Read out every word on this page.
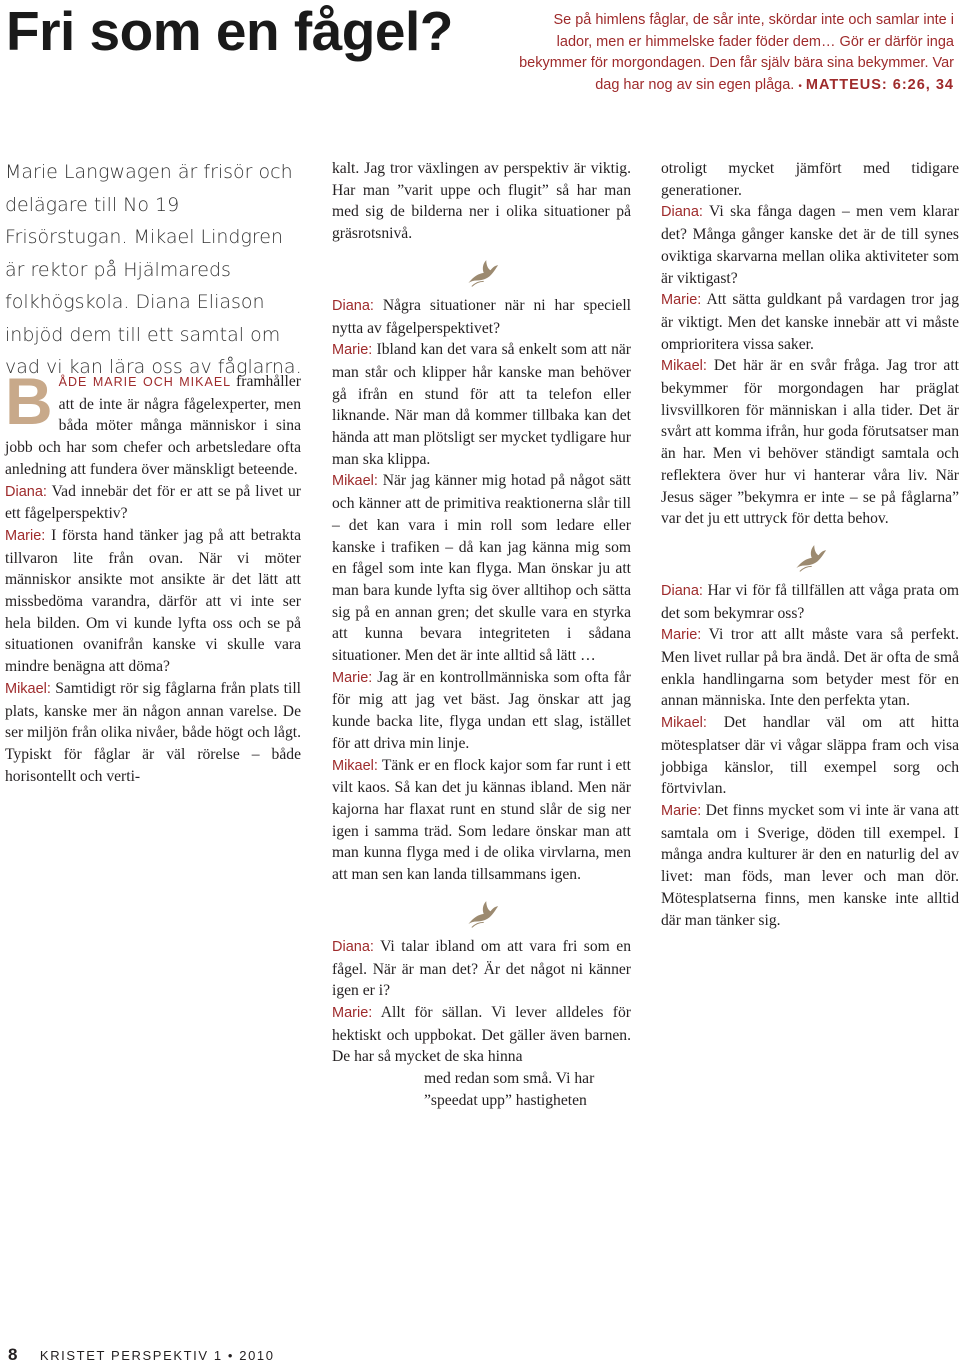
Fri som en fågel?	Se på himlens fåglar, de sår inte, skördar inte och samlar inte i lador, men er himmelske fader föder dem… Gör er därför inga bekymmer för morgondagen. Den får själv bära sina bekymmer. Var dag har nog av sin egen plåga. • MATTEUS: 6:26, 34
Marie Langwagen är frisör och delägare till No 19 Frisörstugan. Mikael Lindgren är rektor på Hjälmareds folkhögskola. Diana Eliason inbjöd dem till ett samtal om vad vi kan lära oss av fåglarna.

BÅDE MARIE OCH MIKAEL framhåller att de inte är några fågelexperter, men båda möter många människor i sina jobb och har som chefer och arbetsledare ofta anledning att fundera över mänskligt beteende.

Diana: Vad innebär det för er att se på livet ur ett fågelperspektiv?

Marie: I första hand tänker jag på att betrakta tillvaron lite från ovan. När vi möter människor ansikte mot ansikte är det lätt att missbedöma varandra, därför att vi inte ser hela bilden. Om vi kunde lyfta oss och se på situationen ovanifrån kanske vi skulle vara mindre benägna att döma?

Mikael: Samtidigt rör sig fåglarna från plats till plats, kanske mer än någon annan varelse. De ser miljön från olika nivåer, både högt och lågt. Typiskt för fåglar är väl rörelse – både horisontellt och verti-

kalt. Jag tror växlingen av perspektiv är viktig. Har man ”varit uppe och flugit” så har man med sig de bilderna ner i olika situationer på gräsrotsnivå.

Diana: Några situationer när ni har speciell nytta av fågelperspektivet?

Marie: Ibland kan det vara så enkelt som att när man står och klipper hår kanske man behöver gå ifrån en stund för att ta telefon eller liknande. När man då kommer tillbaka kan det hända att man plötsligt ser mycket tydligare hur man ska klippa.

Mikael: När jag känner mig hotad på något sätt och känner att de primitiva reaktionerna slår till – det kan vara i min roll som ledare eller kanske i trafiken – då kan jag känna mig som en fågel som inte kan flyga. Man önskar ju att man bara kunde lyfta sig över alltihop och sätta sig på en annan gren; det skulle vara en styrka att kunna bevara integriteten i sådana situationer. Men det är inte alltid så lätt …

Marie: Jag är en kontrollmänniska som ofta får för mig att jag vet bäst. Jag önskar att jag kunde backa lite, flyga undan ett slag, istället för att driva min linje.

Mikael: Tänk er en flock kajor som far runt i ett vilt kaos. Så kan det ju kännas ibland. Men när kajorna har flaxat runt en stund slår de sig ner igen i samma träd. Som ledare önskar man att man kunna flyga med i de olika virvlarna, men att man sen kan landa tillsammans igen.

Diana: Vi talar ibland om att vara fri som en fågel. När är man det? Är det något ni känner igen er i?

Marie: Allt för sällan. Vi lever alldeles för hektiskt och uppbokat. Det gäller även barnen. De har så mycket de ska hinna

med redan som små. Vi har ”speedat upp” hastigheten

otroligt mycket jämfört med tidigare generationer.

Diana: Vi ska fånga dagen – men vem klarar det? Många gånger kanske det är de till synes oviktiga skarvarna mellan olika aktiviteter som är viktigast?

Marie: Att sätta guldkant på vardagen tror jag är viktigt. Men det kanske innebär att vi måste omprioritera vissa saker.

Mikael: Det här är en svår fråga. Jag tror att bekymmer för morgondagen har präglat livsvillkoren för människan i alla tider. Det är svårt att komma ifrån, hur goda förutsatser man än har. Men vi behöver ständigt samtala och reflektera över hur vi hanterar våra liv. När Jesus säger ”bekymra er inte – se på fåglarna” var det ju ett uttryck för detta behov.

Diana: Har vi för få tillfällen att våga prata om det som bekymrar oss?

Marie: Vi tror att allt måste vara så perfekt. Men livet rullar på bra ändå. Det är ofta de små enkla handlingarna som betyder mest för en annan människa. Inte den perfekta ytan.

Mikael: Det handlar väl om att hitta mötesplatser där vi vågar släppa fram och visa jobbiga känslor, till exempel sorg och förtvivlan.

Marie: Det finns mycket som vi inte är vana att samtala om i Sverige, döden till exempel. I många andra kulturer är den en naturlig del av livet: man föds, man lever och man dör. Mötesplatserna finns, men kanske inte alltid där man tänker sig.

8 KRISTET PERSPEKTIV 1 • 2010
